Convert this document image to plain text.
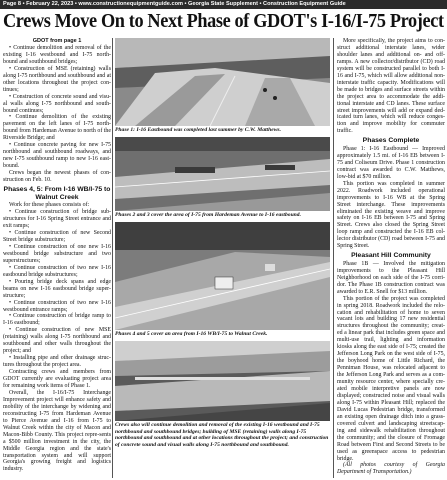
Page 8 • February 22, 2023 • www.constructionequipmentguide.com • Georgia State Supplement • Construction Equipment Guide
Crews Move On to Next Phase of GDOT's I-16/I-75 Project

GDOT from page 1

• Continue demolition and removal of the existing I-16 westbound and I-75 north-bound and southbound bridges;

• Construction of MSE (retaining) walls along I-75 northbound and southbound and at other locations throughout the project con-tinues;

• Construction of concrete sound and visu-al walls along I-75 northbound and south-bound continues;

• Continue demolition of the existing pavement on the left lanes of I-75 north-bound from Hardeman Avenue to north of the Riverside Bridge; and

• Continue concrete paving for new I-75 northbound and southbound roadways, and new I-75 southbound ramp to new I-16 east-bound.

Crews began the newest phases of con-struction on Feb. 10.

Phases 4, 5: From I-16 WB/I-75 to Walnut Creek

Work for these phases consists of:

• Continue construction of bridge sub-structures for I-16 Spring Street entrance and exit ramps;

• Continue construction of new Second Street bridge substructure;

• Continue construction of one new I-16 westbound bridge substructure and two superstructures;

• Continue construction of two new I-16 eastbound bridge substructures;

• Pouring bridge deck spans and edge beams on new I-16 eastbound bridge super-structure;

• Continue construction of two new I-16 westbound entrance ramps;

• Continue construction of bridge ramp to I-16 eastbound;

• Continue construction of new MSE (retaining) walls along I-75 northbound and southbound and other walls throughout the project; and

• Installing pipe and other drainage struc-tures throughout the project area.

Contracting crews and members from GDOT currently are evaluating project area for remaining work items of Phase 1.

Overall, the I-16/I-75 Interchange Improvement project will enhance safety and mobility of the interchange by widening and reconstructing I-75 from Hardeman Avenue to Pierce Avenue and I-16 from I-75 to Walnut Creek within the city of Macon and Macon-Bibb County. This project repre-sents a $500 million investment in the city, the Middle Georgia region and the state's transportation system and will support Georgia's growing freight and logistics industry.

Phase 1: I-16 Eastbound was completed last summer by C.W. Matthews.
Phases 2 and 3 cover the area of I-75 from Hardeman Avenue to I-16 eastbound.
Phases 4 and 5 cover an area from I-16 WB/I-75 to Walnut Creek.
Crews also will continue demolition and removal of the existing I-16 westbound and I-75 northbound and southbound bridges; building of MSE (retaining) walls along I-75 northbound and southbound and at other locations throughout the project; and construction of concrete sound and visual walls along I-75 northbound and southbound.

More specifically, the project aims to con-struct additional interstate lanes, wider shoulder lanes and additional on- and off-ramps. A new collector/distributor (CD) road system will be constructed parallel to both I-16 and I-75, which will allow additional non-interstate traffic capacity. Modifications will be made to bridges and surface streets within the project area to accommodate the addi-tional interstate and CD lanes. These surface street improvements will add or expand ded-icated turn lanes, which will reduce conges-tion and improve mobility for commuter traffic.

Phases Complete

Phase 1: I-16 Eastbound — Improved approximately 1.5 mi. of I-16 EB between I-75 and Coliseum Drive. Phase 1 construction contract was awarded to C.W. Matthews, low-bid at $70 million.

This portion was completed in summer 2022. Roadwork included operational improvements to I-16 WB at the Spring Street interchange. These improvements eliminated the existing weave and improve safety on I-16 EB between I-75 and Spring Street. Crews also closed the Spring Street loop ramp and constructed the I-16 EB col-lector distributor (CD) road between I-75 and Spring Street.

Pleasant Hill Community

Phase 1B — Involved the mitigation improvements to the Pleasant Hill Neighborhood on each side of the I-75 corri-dor. The Phase 1B construction contract was awarded to E.R. Snell for $13 million.

This portion of the project was completed in spring 2018. Roadwork included the relo-cation and rehabilitation of home to seven vacant lots and building 17 new residential structures throughout the community; creat-ed a linear park that includes green space and multi-use trail, lighting and information kiosks along the east side of I-75; created the Jefferson Long Park on the west side of I-75, the boyhood home of Little Richard, the Penniman House, was relocated adjacent to the Jefferson Long Park and serves as a com-munity resource center, where specially cre-ated mobile interpretive panels are now displayed; constructed noise and visual walls along I-75 within Pleasant Hill; replaced the David Lucas Pedestrian bridge, transformed an existing open drainage ditch into a grass-covered culvert and landscaping streetscap-ing and sidewalk rehabilitation throughout the community; and the closure of Fromage Road between First and Second Streets to be used as greenspace access to pedestrian bridge.

(All photos courtesy of Georgia Department of Transportation.)
